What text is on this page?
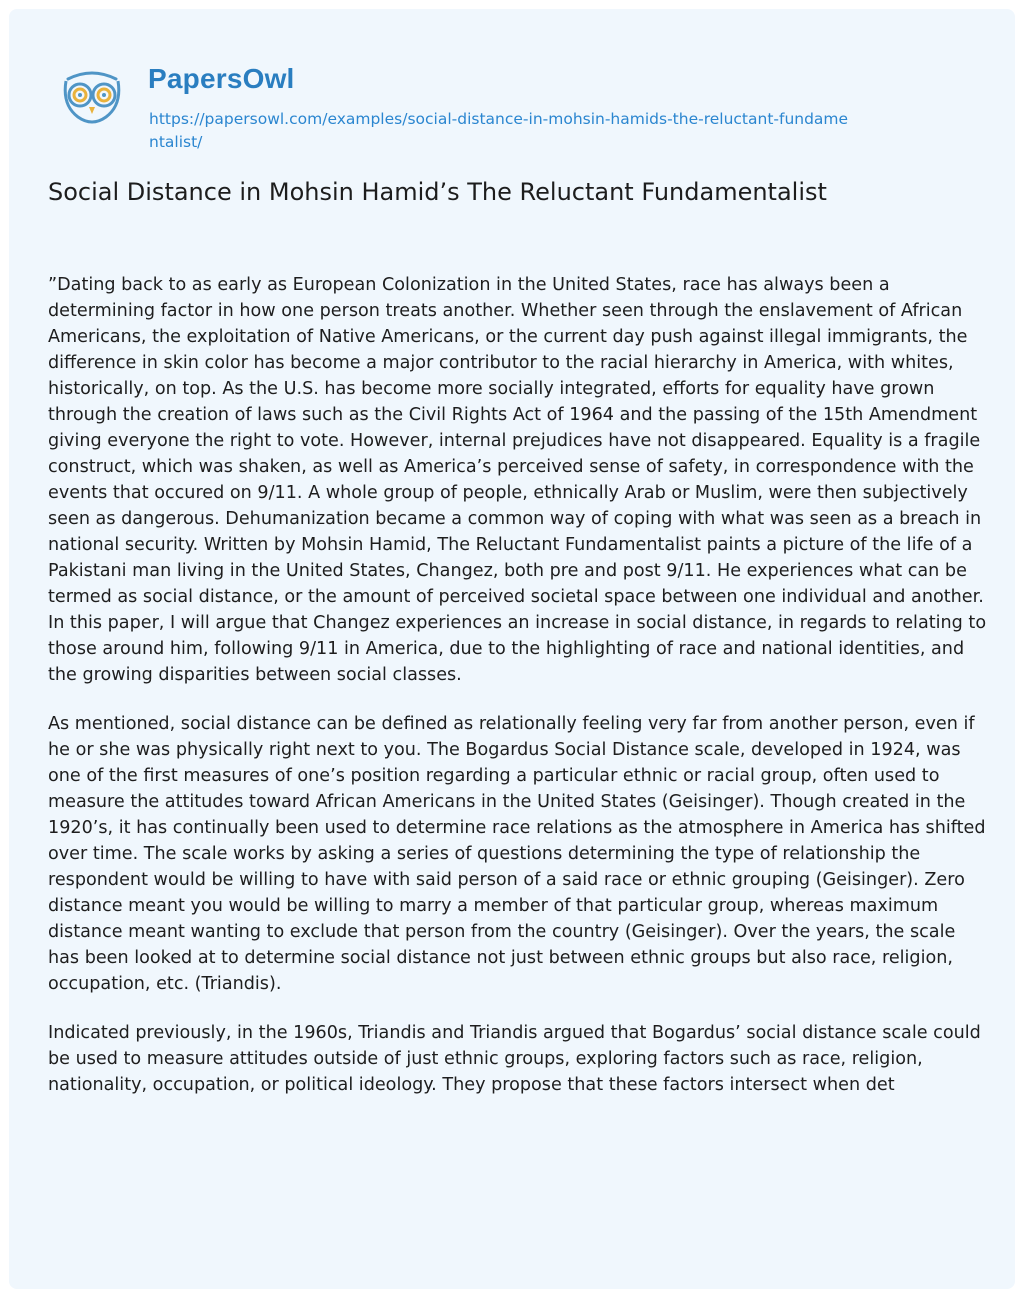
PapersOwl
https://papersowl.com/examples/social-distance-in-mohsin-hamids-the-reluctant-fundamentalist/
Social Distance in Mohsin Hamid’s The Reluctant Fundamentalist

”Dating back to as early as European Colonization in the United States, race has always been a determining factor in how one person treats another. Whether seen through the enslavement of African Americans, the exploitation of Native Americans, or the current day push against illegal immigrants, the difference in skin color has become a major contributor to the racial hierarchy in America, with whites, historically, on top. As the U.S. has become more socially integrated, efforts for equality have grown through the creation of laws such as the Civil Rights Act of 1964 and the passing of the 15th Amendment giving everyone the right to vote. However, internal prejudices have not disappeared. Equality is a fragile construct, which was shaken, as well as America’s perceived sense of safety, in correspondence with the events that occured on 9/11. A whole group of people, ethnically Arab or Muslim, were then subjectively seen as dangerous. Dehumanization became a common way of coping with what was seen as a breach in national security. Written by Mohsin Hamid, The Reluctant Fundamentalist paints a picture of the life of a Pakistani man living in the United States, Changez, both pre and post 9/11. He experiences what can be termed as social distance, or the amount of perceived societal space between one individual and another. In this paper, I will argue that Changez experiences an increase in social distance, in regards to relating to those around him, following 9/11 in America, due to the highlighting of race and national identities, and the growing disparities between social classes.

As mentioned, social distance can be defined as relationally feeling very far from another person, even if he or she was physically right next to you. The Bogardus Social Distance scale, developed in 1924, was one of the first measures of one’s position regarding a particular ethnic or racial group, often used to measure the attitudes toward African Americans in the United States (Geisinger). Though created in the 1920’s, it has continually been used to determine race relations as the atmosphere in America has shifted over time. The scale works by asking a series of questions determining the type of relationship the respondent would be willing to have with said person of a said race or ethnic grouping (Geisinger). Zero distance meant you would be willing to marry a member of that particular group, whereas maximum distance meant wanting to exclude that person from the country (Geisinger). Over the years, the scale has been looked at to determine social distance not just between ethnic groups but also race, religion, occupation, etc. (Triandis).

Indicated previously, in the 1960s, Triandis and Triandis argued that Bogardus’ social distance scale could be used to measure attitudes outside of just ethnic groups, exploring factors such as race, religion, nationality, occupation, or political ideology. They propose that these factors intersect when det
